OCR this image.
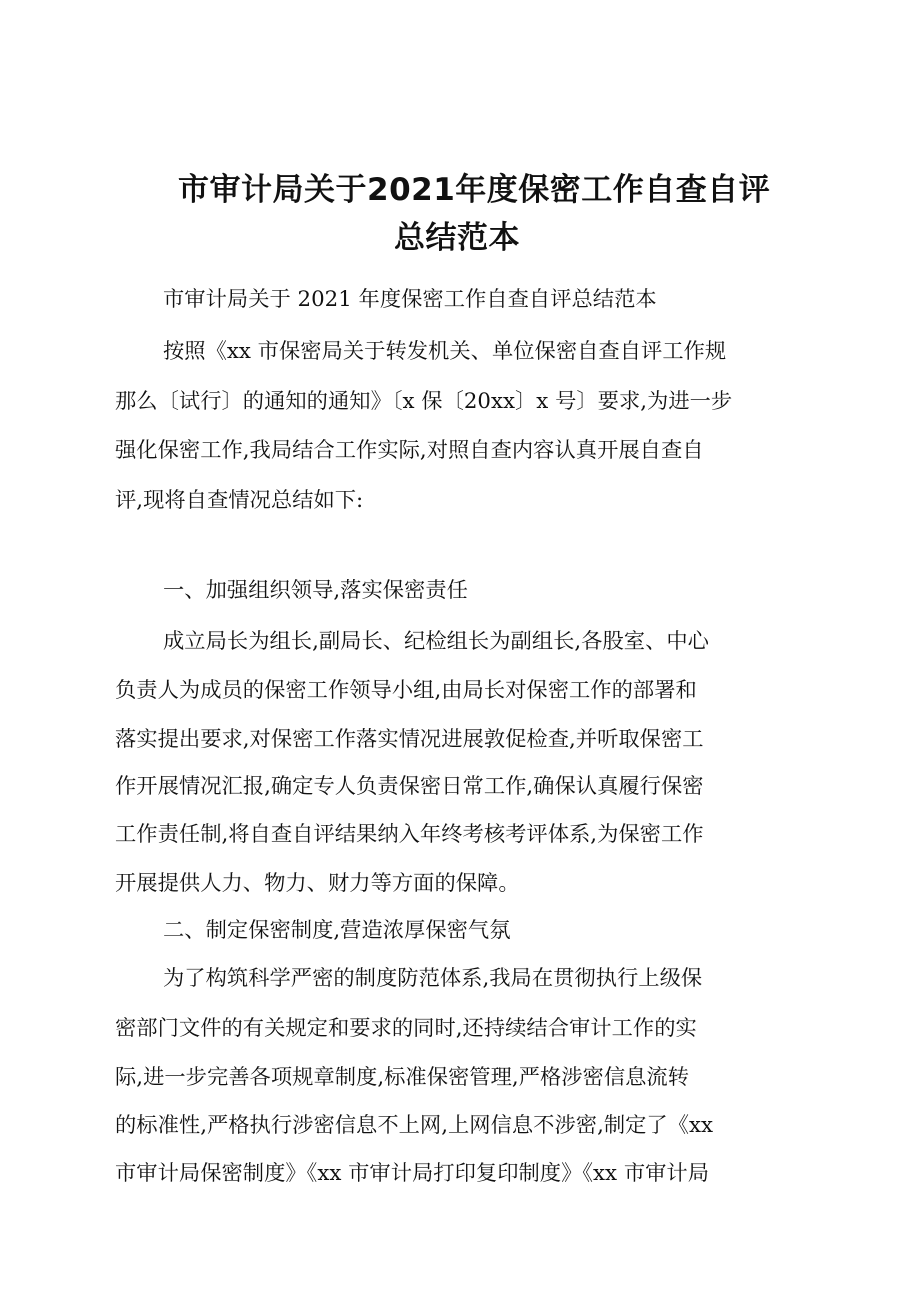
市审计局关于2021年度保密工作自查自评
总结范本
市审计局关于 2021 年度保密工作自查自评总结范本
按照《xx 市保密局关于转发机关、单位保密自查自评工作规
那么〔试行〕的通知的通知》〔x 保〔20xx〕x 号〕要求,为进一步
强化保密工作,我局结合工作实际,对照自查内容认真开展自查自
评,现将自查情况总结如下:
一、加强组织领导,落实保密责任
成立局长为组长,副局长、纪检组长为副组长,各股室、中心
负责人为成员的保密工作领导小组,由局长对保密工作的部署和
落实提出要求,对保密工作落实情况进展敦促检查,并听取保密工
作开展情况汇报,确定专人负责保密日常工作,确保认真履行保密
工作责任制,将自查自评结果纳入年终考核考评体系,为保密工作
开展提供人力、物力、财力等方面的保障。
二、制定保密制度,营造浓厚保密气氛
为了构筑科学严密的制度防范体系,我局在贯彻执行上级保
密部门文件的有关规定和要求的同时,还持续结合审计工作的实
际,进一步完善各项规章制度,标准保密管理,严格涉密信息流转
的标准性,严格执行涉密信息不上网,上网信息不涉密,制定了《xx
市审计局保密制度》《xx 市审计局打印复印制度》《xx 市审计局
